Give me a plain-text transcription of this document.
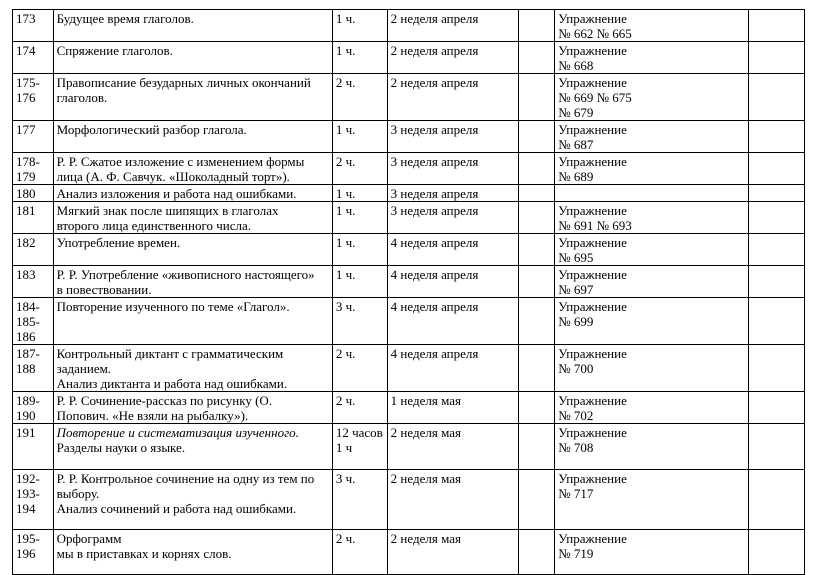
173	Будущее время глаголов.	1 ч.	2 неделя апреля		Упражнение
№ 662 № 665	
174	Спряжение глаголов.	1 ч.	2 неделя апреля		Упражнение
№ 668	
175-
176	Правописание безударных личных окончаний
глаголов.	2 ч.	2 неделя апреля		Упражнение
№ 669 № 675
№ 679	
177	Морфологический разбор глагола.	1 ч.	3 неделя апреля		Упражнение
№ 687	
178-
179	Р. Р. Сжатое изложение с изменением формы
лица (А. Ф. Савчук. «Шоколадный торт»).	2 ч.	3 неделя апреля		Упражнение
№ 689	
180	Анализ изложения и работа над ошибками.	1 ч.	3 неделя апреля			
181	Мягкий знак после шипящих в глаголах
второго лица единственного числа.	1 ч.	3 неделя апреля		Упражнение
№ 691 № 693	
182	Употребление времен.	1 ч.	4 неделя апреля		Упражнение
№ 695	
183	Р. Р. Употребление «живописного настоящего»
в повествовании.	1 ч.	4 неделя апреля		Упражнение
№ 697	
184-
185-
186	Повторение изученного по теме «Глагол».	3 ч.	4 неделя апреля		Упражнение
№ 699	
187-
188	Контрольный диктант с грамматическим
заданием.
Анализ диктанта и работа над ошибками.	2 ч.	4 неделя апреля		Упражнение
№ 700	
189-
190	Р. Р. Сочинение-рассказ по рисунку (О.
Попович. «Не взяли на рыбалку»).	2 ч.	1 неделя мая		Упражнение
№ 702	
191	Повторение и систематизация изученного.
Разделы науки о языке.	12 часов
1 ч	2 неделя мая		Упражнение
№ 708	
192-
193-
194	Р. Р. Контрольное сочинение на одну из тем по
выбору.
Анализ сочинений и работа над ошибками.	3 ч.	2 неделя мая		Упражнение
№ 717	
195-
196	Орфограмм
мы в приставках и корнях слов.	2 ч.	2 неделя мая		Упражнение
№ 719	
